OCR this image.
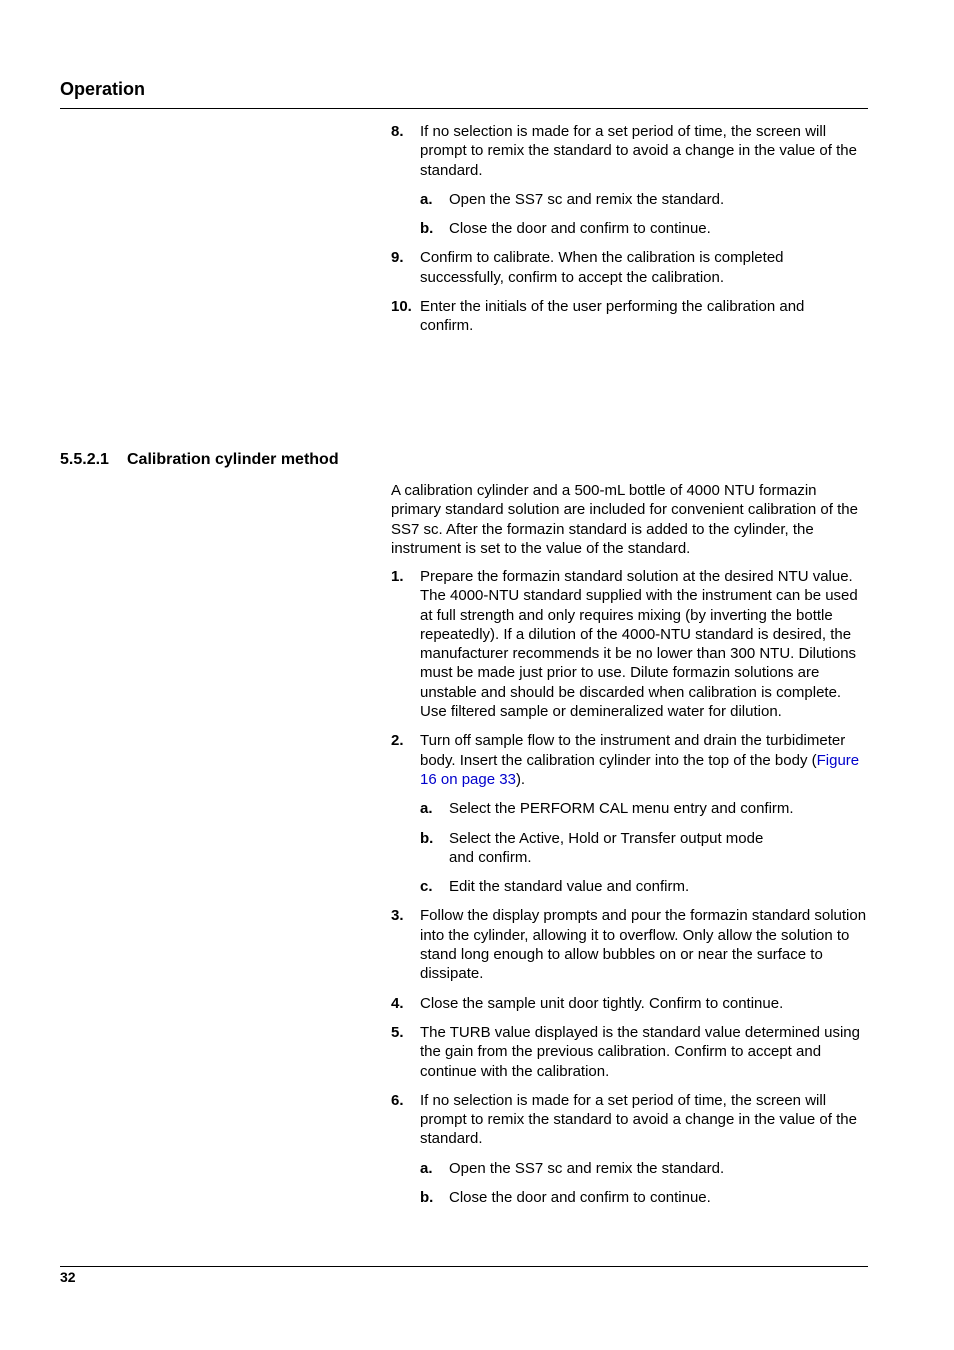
Operation
8. If no selection is made for a set period of time, the screen will prompt to remix the standard to avoid a change in the value of the standard.
a. Open the SS7 sc and remix the standard.
b. Close the door and confirm to continue.
9. Confirm to calibrate. When the calibration is completed successfully, confirm to accept the calibration.
10. Enter the initials of the user performing the calibration and confirm.
5.5.2.1 Calibration cylinder method
A calibration cylinder and a 500-mL bottle of 4000 NTU formazin primary standard solution are included for convenient calibration of the SS7 sc. After the formazin standard is added to the cylinder, the instrument is set to the value of the standard.
1. Prepare the formazin standard solution at the desired NTU value. The 4000-NTU standard supplied with the instrument can be used at full strength and only requires mixing (by inverting the bottle repeatedly). If a dilution of the 4000-NTU standard is desired, the manufacturer recommends it be no lower than 300 NTU. Dilutions must be made just prior to use. Dilute formazin solutions are unstable and should be discarded when calibration is complete. Use filtered sample or demineralized water for dilution.
2. Turn off sample flow to the instrument and drain the turbidimeter body. Insert the calibration cylinder into the top of the body (Figure 16 on page 33).
a. Select the PERFORM CAL menu entry and confirm.
b. Select the Active, Hold or Transfer output mode and confirm.
c. Edit the standard value and confirm.
3. Follow the display prompts and pour the formazin standard solution into the cylinder, allowing it to overflow. Only allow the solution to stand long enough to allow bubbles on or near the surface to dissipate.
4. Close the sample unit door tightly. Confirm to continue.
5. The TURB value displayed is the standard value determined using the gain from the previous calibration. Confirm to accept and continue with the calibration.
6. If no selection is made for a set period of time, the screen will prompt to remix the standard to avoid a change in the value of the standard.
a. Open the SS7 sc and remix the standard.
b. Close the door and confirm to continue.
32
